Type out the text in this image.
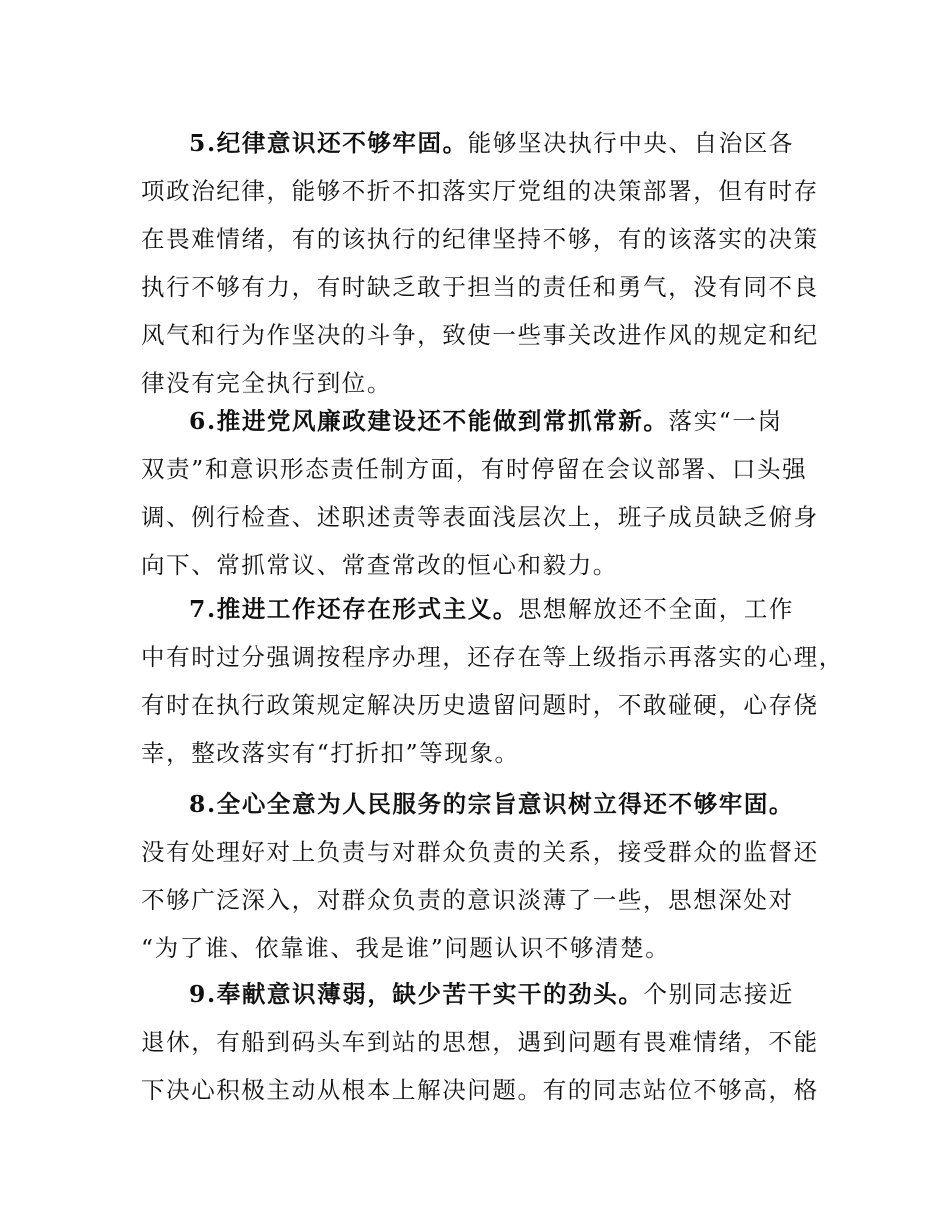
5.纪律意识还不够牢固。能够坚决执行中央、自治区各
项政治纪律，能够不折不扣落实厅党组的决策部署，但有时存
在畏难情绪，有的该执行的纪律坚持不够，有的该落实的决策
执行不够有力，有时缺乏敢于担当的责任和勇气，没有同不良
风气和行为作坚决的斗争，致使一些事关改进作风的规定和纪
律没有完全执行到位。
6.推进党风廉政建设还不能做到常抓常新。落实“一岗
双责”和意识形态责任制方面，有时停留在会议部署、口头强
调、例行检查、述职述责等表面浅层次上，班子成员缺乏俯身
向下、常抓常议、常查常改的恒心和毅力。
7.推进工作还存在形式主义。思想解放还不全面，工作
中有时过分强调按程序办理，还存在等上级指示再落实的心理，
有时在执行政策规定解决历史遗留问题时，不敢碰硬，心存侥
幸，整改落实有“打折扣”等现象。
8.全心全意为人民服务的宗旨意识树立得还不够牢固。
没有处理好对上负责与对群众负责的关系，接受群众的监督还
不够广泛深入，对群众负责的意识淡薄了一些，思想深处对
“为了谁、依靠谁、我是谁”问题认识不够清楚。
9.奉献意识薄弱，缺少苦干实干的劲头。个别同志接近
退休，有船到码头车到站的思想，遇到问题有畏难情绪，不能
下决心积极主动从根本上解决问题。有的同志站位不够高，格
